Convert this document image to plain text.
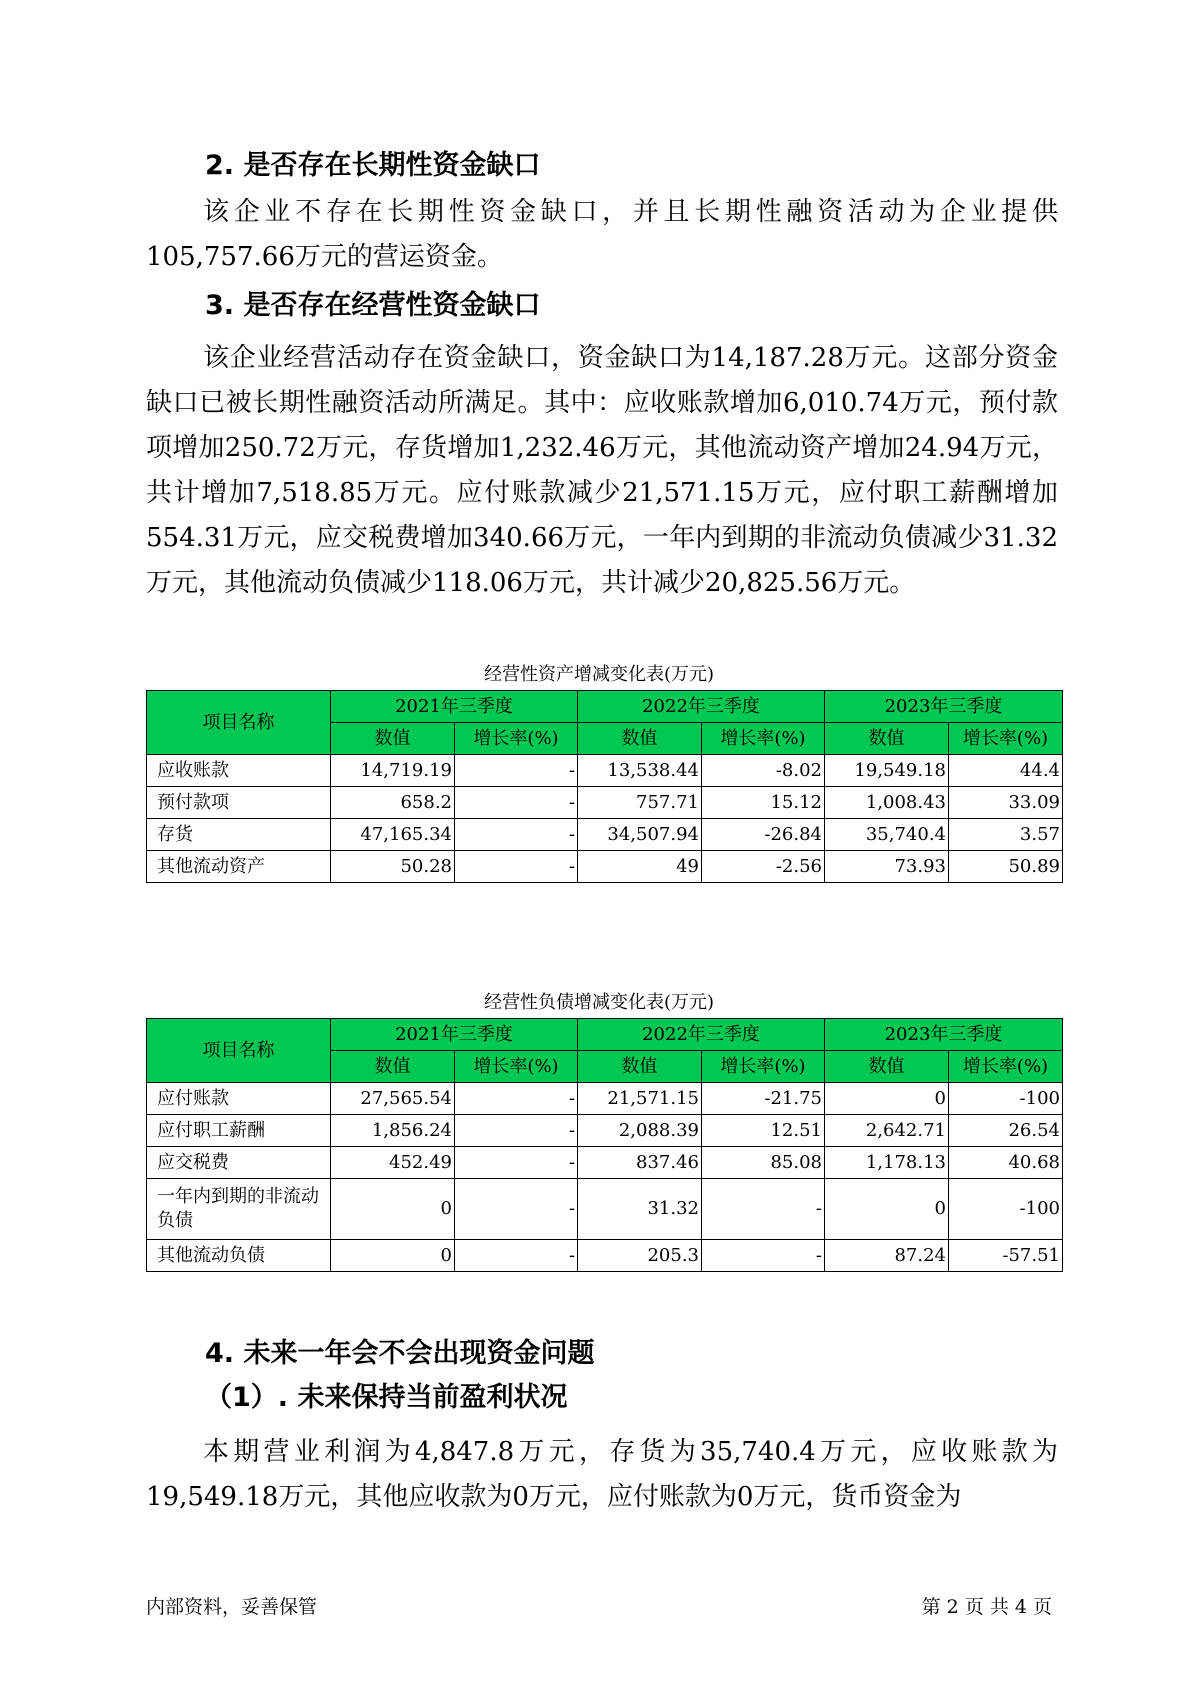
2. 是否存在长期性资金缺口

该企业不存在长期性资金缺口，并且长期性融资活动为企业提供105,757.66万元的营运资金。

3. 是否存在经营性资金缺口

该企业经营活动存在资金缺口，资金缺口为14,187.28万元。这部分资金缺口已被长期性融资活动所满足。其中：应收账款增加6,010.74万元，预付款项增加250.72万元，存货增加1,232.46万元，其他流动资产增加24.94万元，共计增加7,518.85万元。应付账款减少21,571.15万元，应付职工薪酬增加554.31万元，应交税费增加340.66万元，一年内到期的非流动负债减少31.32万元，其他流动负债减少118.06万元，共计减少20,825.56万元。

经营性资产增减变化表(万元)
项目名称	2021年三季度		2022年三季度		2023年三季度	
	数值	增长率(%)	数值	增长率(%)	数值	增长率(%)
应收账款	14,719.19	-	13,538.44	-8.02	19,549.18	44.4
预付款项	658.2	-	757.71	15.12	1,008.43	33.09
存货	47,165.34	-	34,507.94	-26.84	35,740.4	3.57
其他流动资产	50.28	-	49	-2.56	73.93	50.89
经营性负债增减变化表(万元)
项目名称	2021年三季度		2022年三季度		2023年三季度	
	数值	增长率(%)	数值	增长率(%)	数值	增长率(%)
应付账款	27,565.54	-	21,571.15	-21.75	0	-100
应付职工薪酬	1,856.24	-	2,088.39	12.51	2,642.71	26.54
应交税费	452.49	-	837.46	85.08	1,178.13	40.68
一年内到期的非流动负债	0	-	31.32	-	0	-100
其他流动负债	0	-	205.3	-	87.24	-57.51
4. 未来一年会不会出现资金问题
（1）. 未来保持当前盈利状况

本期营业利润为4,847.8万元，存货为35,740.4万元，应收账款为19,549.18万元，其他应收款为0万元，应付账款为0万元，货币资金为

内部资料，妥善保管	第 2 页 共 4 页
